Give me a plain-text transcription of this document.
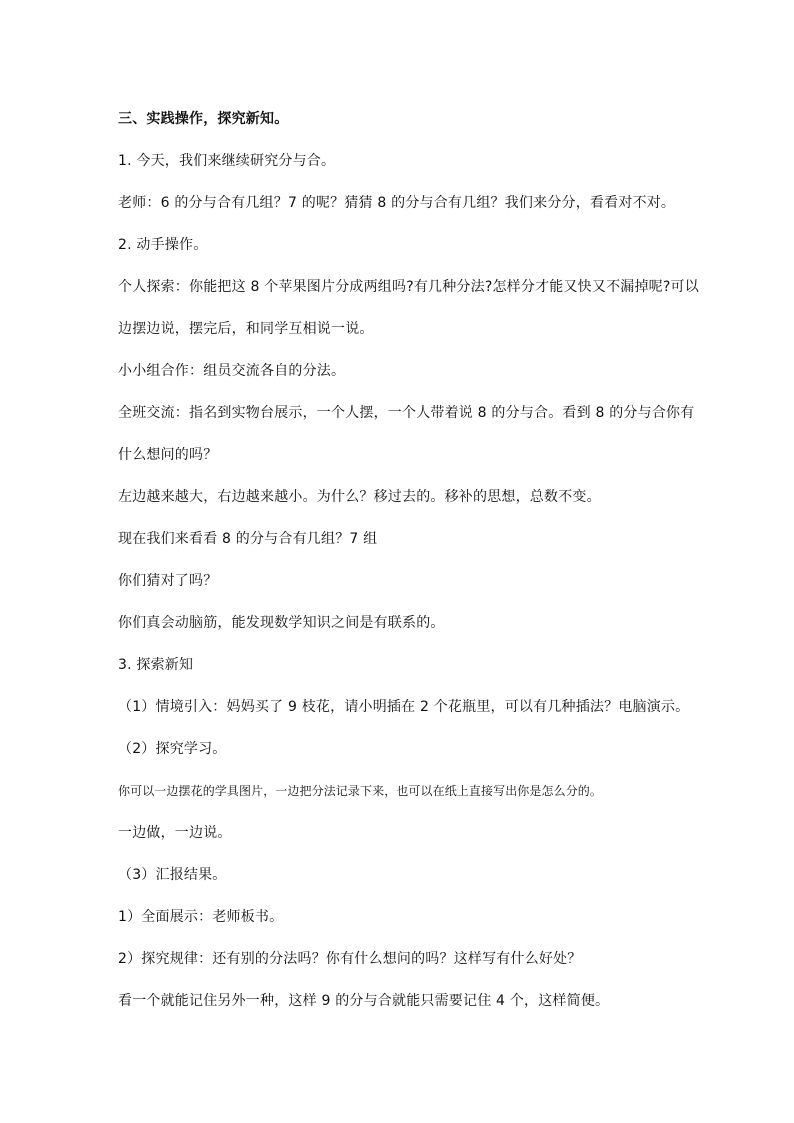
三、实践操作，探究新知。
1. 今天，我们来继续研究分与合。
老师：6 的分与合有几组？7 的呢？猜猜 8 的分与合有几组？我们来分分，看看对不对。
2. 动手操作。
个人探索：你能把这 8 个苹果图片分成两组吗?有几种分法?怎样分才能又快又不漏掉呢?可以
边摆边说，摆完后，和同学互相说一说。
小小组合作：组员交流各自的分法。
全班交流：指名到实物台展示，一个人摆，一个人带着说 8 的分与合。看到 8 的分与合你有
什么想问的吗？
左边越来越大，右边越来越小。为什么？移过去的。移补的思想，总数不变。
现在我们来看看 8 的分与合有几组？7 组
你们猜对了吗？
你们真会动脑筋，能发现数学知识之间是有联系的。
3. 探索新知
（1）情境引入：妈妈买了 9 枝花，请小明插在 2 个花瓶里，可以有几种插法？电脑演示。
（2）探究学习。
你可以一边摆花的学具图片，一边把分法记录下来，也可以在纸上直接写出你是怎么分的。
一边做，一边说。
（3）汇报结果。
1）全面展示：老师板书。
2）探究规律：还有别的分法吗？你有什么想问的吗？这样写有什么好处？
看一个就能记住另外一种，这样 9 的分与合就能只需要记住 4 个，这样简便。
